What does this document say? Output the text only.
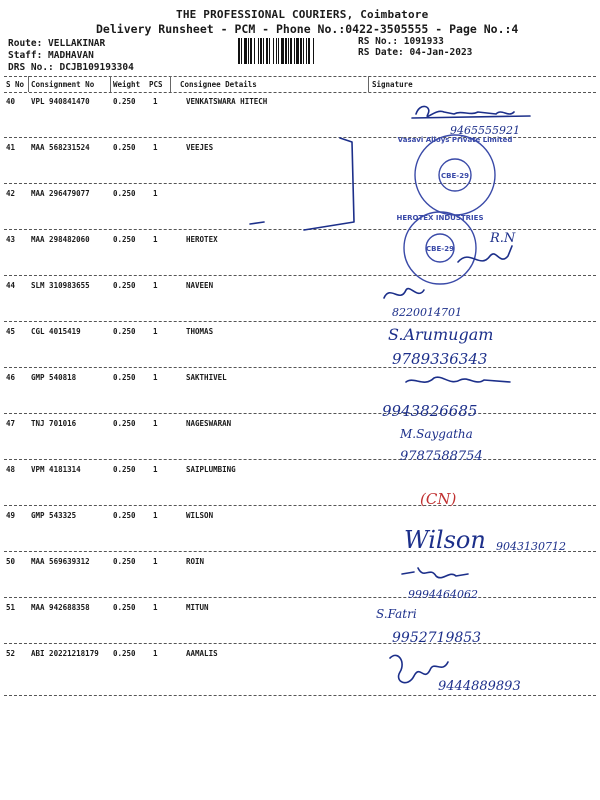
THE PROFESSIONAL COURIERS, Coimbatore
Delivery Runsheet - PCM - Phone No.:0422-3505555 - Page No.:4
Route: VELLAKINAR
Staff: MADHAVAN
DRS No.: DCJB109193304
RS No.: 1091933
RS Date: 04-Jan-2023
S No Consignment No	Weight PCS Consignee Details	Signature
40 VPL 940841470	0.250 1	VENKATSWARA HITECH
41 MAA 568231524	0.250 1	VEEJES
42 MAA 296479077	0.250 1
43 MAA 298482060	0.250 1	HEROTEX
44 SLM 310983655	0.250 1	NAVEEN
45 CGL 4015419	0.250 1	THOMAS
46 GMP 540818	0.250 1	SAKTHIVEL
47 TNJ 701016	0.250 1	NAGESWARAN
48 VPM 4181314	0.250 1	SAIPLUMBING
49 GMP 543325	0.250 1	WILSON
50 MAA 569639312	0.250 1	ROIN
51 MAA 942688358	0.250 1	MITUN
52 ABI 20221218179 0.250 1	AAMALIS
9465555921
Vasavi Alloys Private Limited
CBE-29
HEROTEX INDUSTRIES
CBE-29
R.N
8220014701
S.Arumugam
9789336343
9943826685
M.Saygatha
9787588754
(CN)
Wilson 9043130712
9994464062
S.Fatri
9952719853
9444889893
